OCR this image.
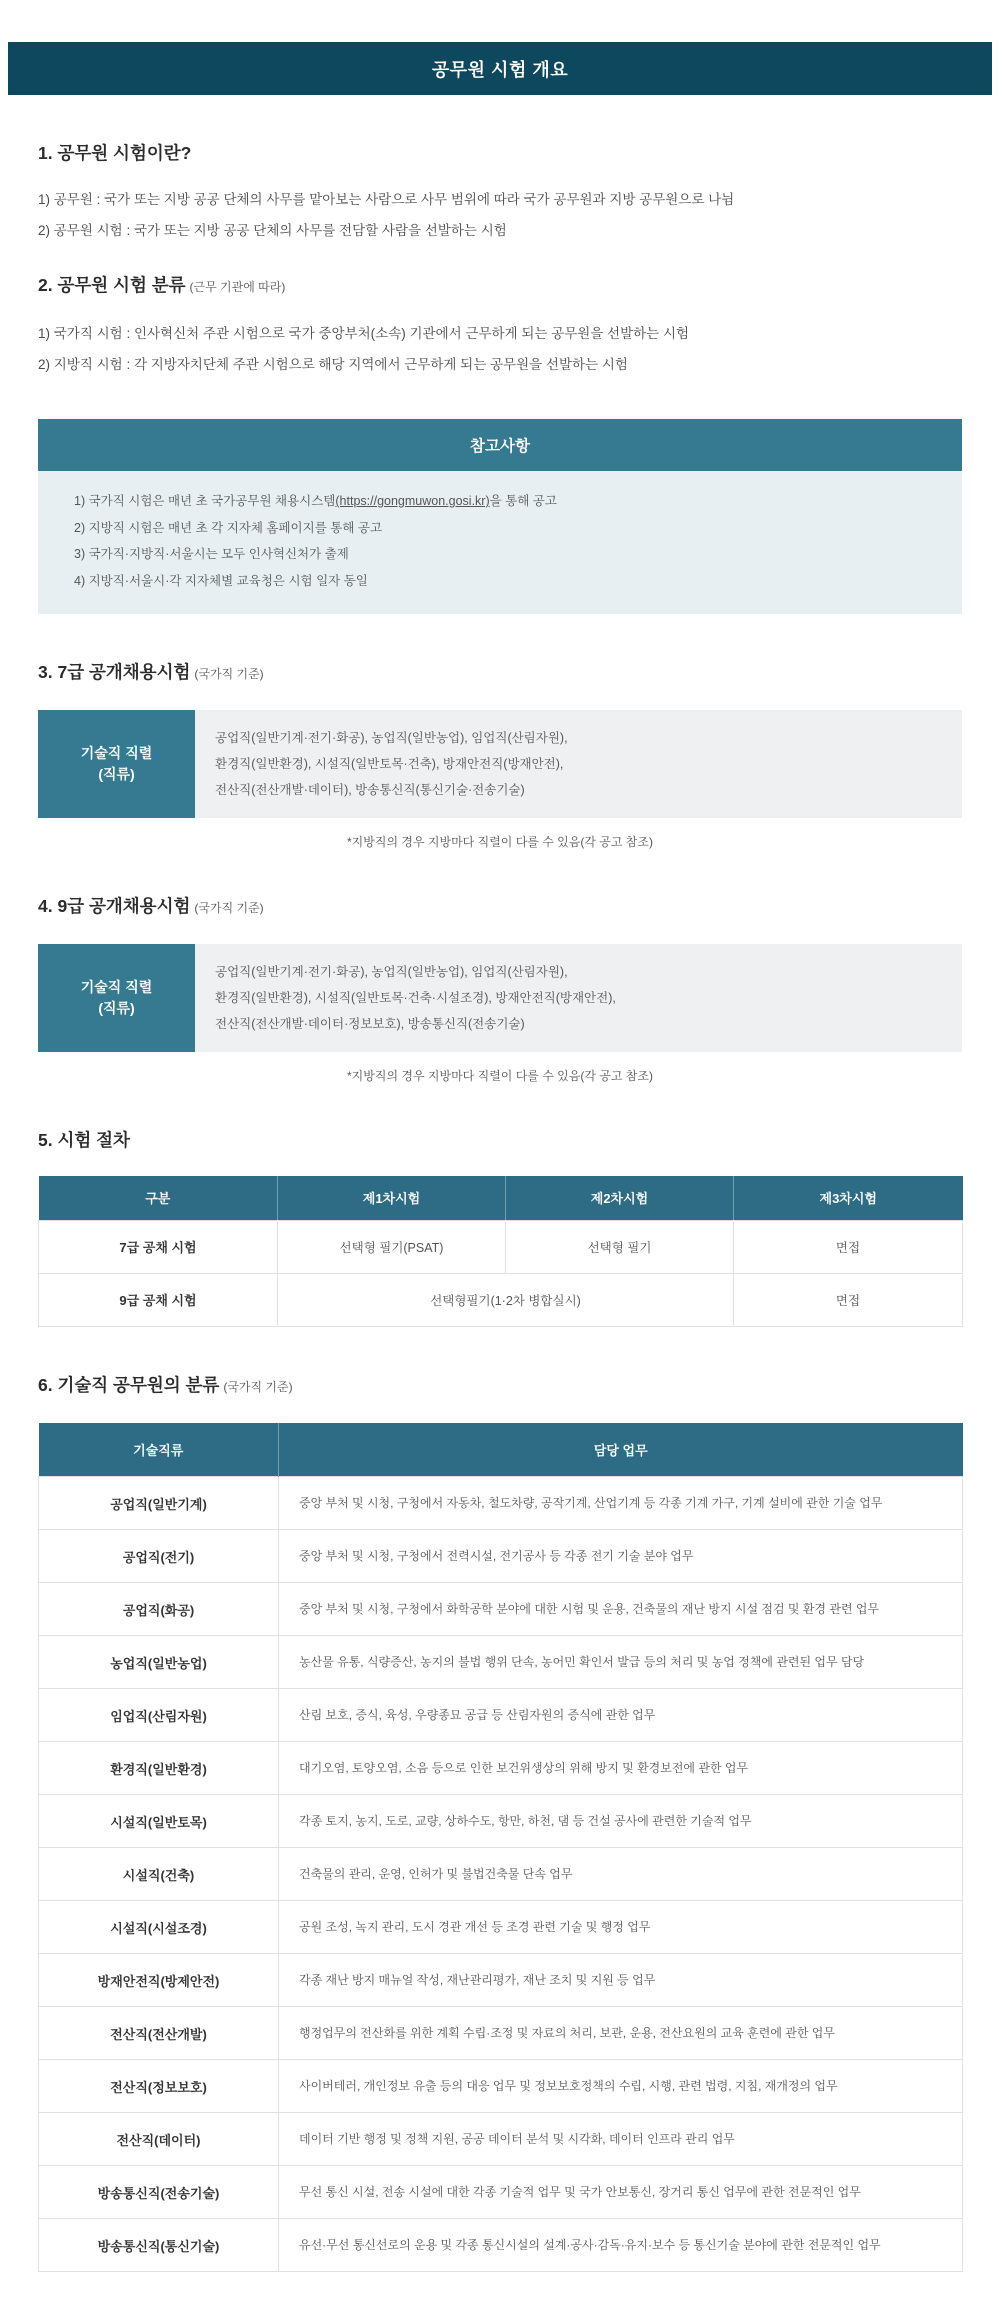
공무원 시험 개요
1. 공무원 시험이란?

1) 공무원 : 국가 또는 지방 공공 단체의 사무를 맡아보는 사람으로 사무 범위에 따라 국가 공무원과 지방 공무원으로 나뉨

2) 공무원 시험 : 국가 또는 지방 공공 단체의 사무를 전담할 사람을 선발하는 시험

2. 공무원 시험 분류 (근무 기관에 따라)

1) 국가직 시험 : 인사혁신처 주관 시험으로 국가 중앙부처(소속) 기관에서 근무하게 되는 공무원을 선발하는 시험

2) 지방직 시험 : 각 지방자치단체 주관 시험으로 해당 지역에서 근무하게 되는 공무원을 선발하는 시험

참고사항

1) 국가직 시험은 매년 초 국가공무원 채용시스템(https://gongmuwon.gosi.kr)을 통해 공고

2) 지방직 시험은 매년 초 각 지자체 홈페이지를 통해 공고

3) 국가직·지방직·서울시는 모두 인사혁신처가 출제

4) 지방직·서울시·각 지자체별 교육청은 시험 일자 동일

3. 7급 공개채용시험 (국가직 기준)
기술직 직렬
(직류)

공업직(일반기계·전기·화공), 농업직(일반농업), 임업직(산림자원),

환경직(일반환경), 시설직(일반토목·건축), 방재안전직(방재안전),

전산직(전산개발·데이터), 방송통신직(통신기술·전송기술)

*지방직의 경우 지방마다 직렬이 다를 수 있음(각 공고 참조)

4. 9급 공개채용시험 (국가직 기준)
기술직 직렬
(직류)

공업직(일반기계·전기·화공), 농업직(일반농업), 임업직(산림자원),

환경직(일반환경), 시설직(일반토목·건축·시설조경), 방재안전직(방재안전),

전산직(전산개발·데이터·정보보호), 방송통신직(전송기술)

*지방직의 경우 지방마다 직렬이 다를 수 있음(각 공고 참조)

5. 시험 절차
구분	제1차시험	제2차시험	제3차시험
7급 공채 시험	선택형 필기(PSAT)	선택형 필기	면접
9급 공채 시험	선택형필기(1·2차 병합실시)		면접
6. 기술직 공무원의 분류 (국가직 기준)
기술직류	담당 업무
공업직(일반기계)	중앙 부처 및 시청, 구청에서 자동차, 철도차량, 공작기계, 산업기계 등 각종 기계 가구, 기계 설비에 관한 기술 업무
공업직(전기)	중앙 부처 및 시청, 구청에서 전력시설, 전기공사 등 각종 전기 기술 분야 업무
공업직(화공)	중앙 부처 및 시청, 구청에서 화학공학 분야에 대한 시험 및 운용, 건축물의 재난 방지 시설 점검 및 환경 관련 업무
농업직(일반농업)	농산물 유통, 식량증산, 농지의 불법 행위 단속, 농어민 확인서 발급 등의 처리 및 농업 정책에 관련된 업무 담당
임업직(산림자원)	산림 보호, 증식, 육성, 우량종묘 공급 등 산림자원의 증식에 관한 업무
환경직(일반환경)	대기오염, 토양오염, 소음 등으로 인한 보건위생상의 위해 방지 및 환경보전에 관한 업무
시설직(일반토목)	각종 토지, 농지, 도로, 교량, 상하수도, 항만, 하천, 댐 등 건설 공사에 관련한 기술적 업무
시설직(건축)	건축물의 관리, 운영, 인허가 및 불법건축물 단속 업무
시설직(시설조경)	공원 조성, 녹지 관리, 도시 경관 개선 등 조경 관련 기술 및 행정 업무
방재안전직(방제안전)	각종 재난 방지 매뉴얼 작성, 재난관리평가, 재난 조치 및 지원 등 업무
전산직(전산개발)	행정업무의 전산화를 위한 계획 수립·조정 및 자료의 처리, 보관, 운용, 전산요원의 교육 훈련에 관한 업무
전산직(정보보호)	사이버테러, 개인정보 유출 등의 대응 업무 및 정보보호정책의 수립, 시행, 관련 법령, 지침, 재개정의 업무
전산직(데이터)	데이터 기반 행정 및 정책 지원, 공공 데이터 분석 및 시각화, 데이터 인프라 관리 업무
방송통신직(전송기술)	무선 통신 시설, 전송 시설에 대한 각종 기술적 업무 및 국가 안보통신, 장거리 통신 업무에 관한 전문적인 업무
방송통신직(통신기술)	유선·무선 통신선로의 운용 및 각종 통신시설의 설계·공사·감독·유지·보수 등 통신기술 분야에 관한 전문적인 업무
